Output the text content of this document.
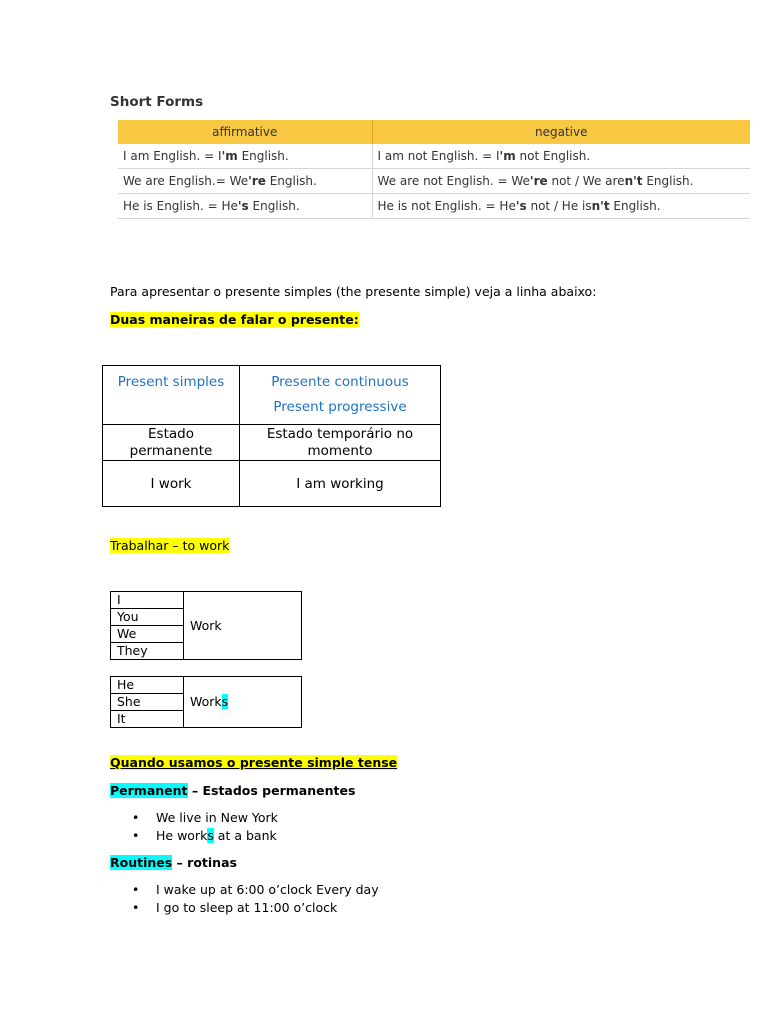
Short Forms
affirmative	negative
I am English. = I'm English.	I am not English. = I'm not English.
We are English.= We're English.	We are not English. = We're not / We aren't English.
He is English. = He's English.	He is not English. = He's not / He isn't English.
Para apresentar o presente simples (the presente simple) veja a linha abaixo:
Duas maneiras de falar o presente:
Present simples	Presente continuous
Present progressive

Estado permanente	Estado temporário no momento
I work	I am working
Trabalhar – to work
I	Work
You
We
They
He	Works
She
It
Quando usamos o presente simple tense
Permanent – Estados permanentes
• We live in New York
• He works at a bank
Routines – rotinas
• I wake up at 6:00 o’clock Every day
• I go to sleep at 11:00 o’clock
